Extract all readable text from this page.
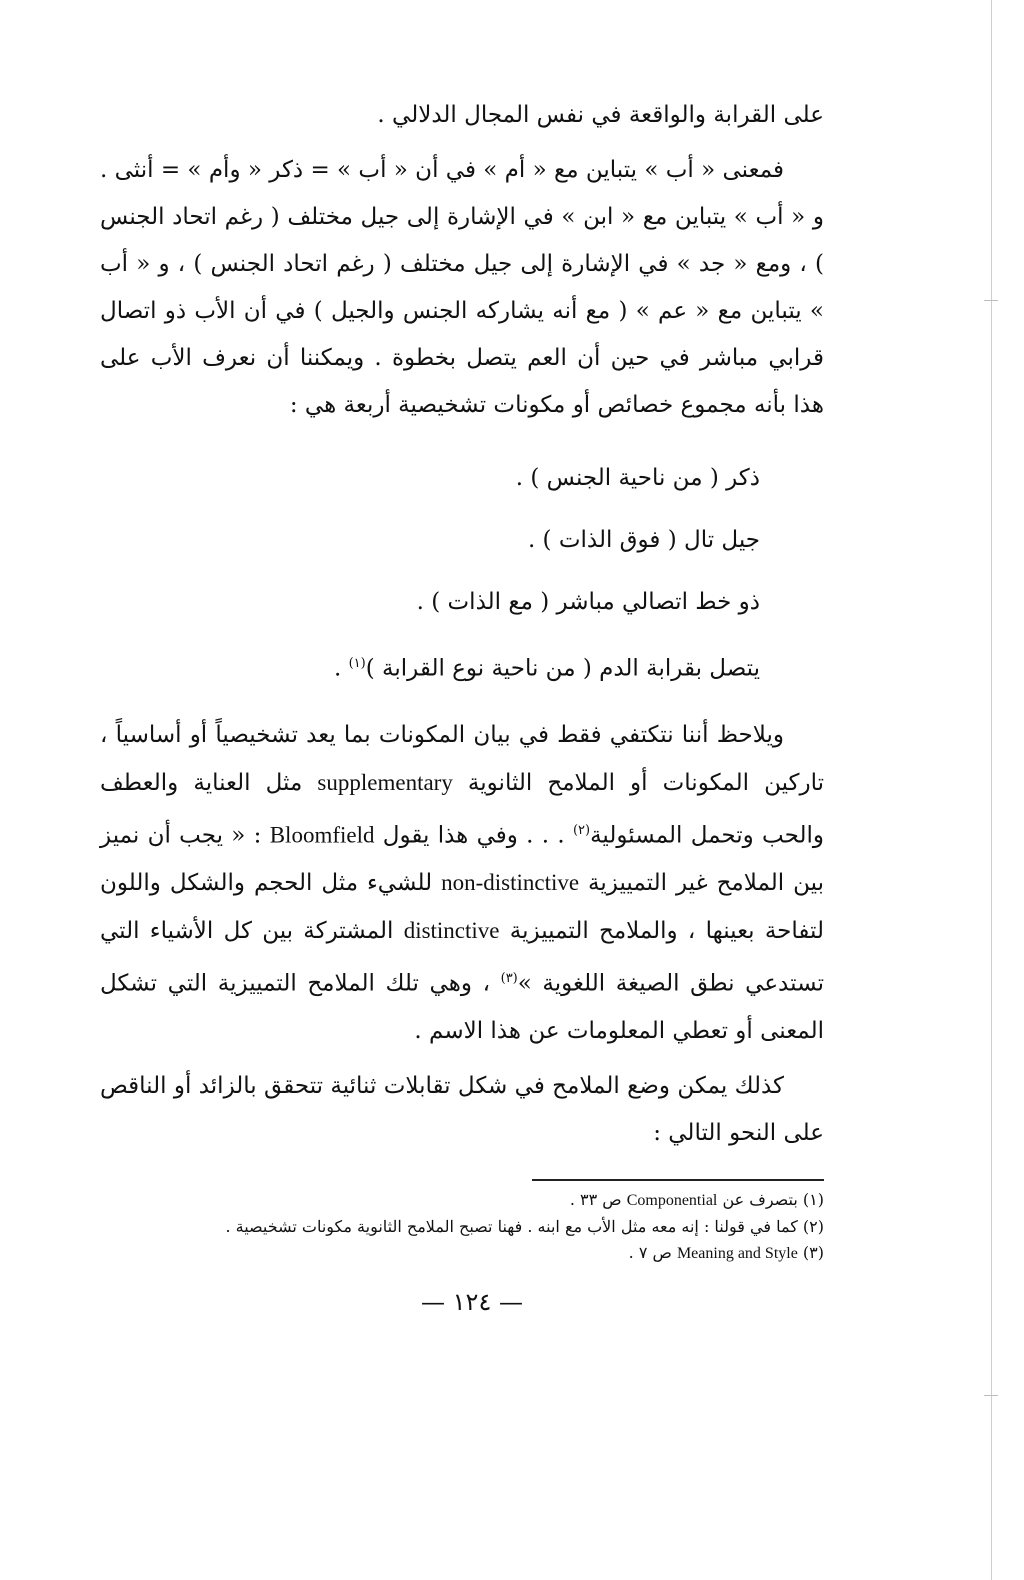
على القرابة والواقعة في نفس المجال الدلالي .

فمعنى « أب » يتباين مع « أم » في أن « أب » = ذكر « وأم » = أنثى . و « أب » يتباين مع « ابن » في الإشارة إلى جيل مختلف ( رغم اتحاد الجنس ) ، ومع « جد » في الإشارة إلى جيل مختلف ( رغم اتحاد الجنس ) ، و « أب » يتباين مع « عم » ( مع أنه يشاركه الجنس والجيل ) في أن الأب ذو اتصال قرابي مباشر في حين أن العم يتصل بخطوة . ويمكننا أن نعرف الأب على هذا بأنه مجموع خصائص أو مكونات تشخيصية أربعة هي :

ذكر ( من ناحية الجنس ) .
جيل تال ( فوق الذات ) .
ذو خط اتصالي مباشر ( مع الذات ) .
يتصل بقرابة الدم ( من ناحية نوع القرابة )$^{(١)}$ .

ويلاحظ أننا نتكتفي فقط في بيان المكونات بما يعد تشخيصياً أو أساسياً ، تاركين المكونات أو الملامح الثانوية supplementary مثل العناية والعطف والحب وتحمل المسئولية$^{(٢)}$ . . . وفي هذا يقول Bloomfield : « يجب أن نميز بين الملامح غير التمييزية non-distinctive للشيء مثل الحجم والشكل واللون لتفاحة بعينها ، والملامح التمييزية distinctive المشتركة بين كل الأشياء التي تستدعي نطق الصيغة اللغوية »$^{(٣)}$ ، وهي تلك الملامح التمييزية التي تشكل المعنى أو تعطي المعلومات عن هذا الاسم .

كذلك يمكن وضع الملامح في شكل تقابلات ثنائية تتحقق بالزائد أو الناقص على النحو التالي :

(١) بتصرف عن Componential ص ٣٣ .
(٢) كما في قولنا : إنه معه مثل الأب مع ابنه . فهنا تصبح الملامح الثانوية مكونات تشخيصية .
(٣) Meaning and Style ص ٧ .
— ١٢٤ —
